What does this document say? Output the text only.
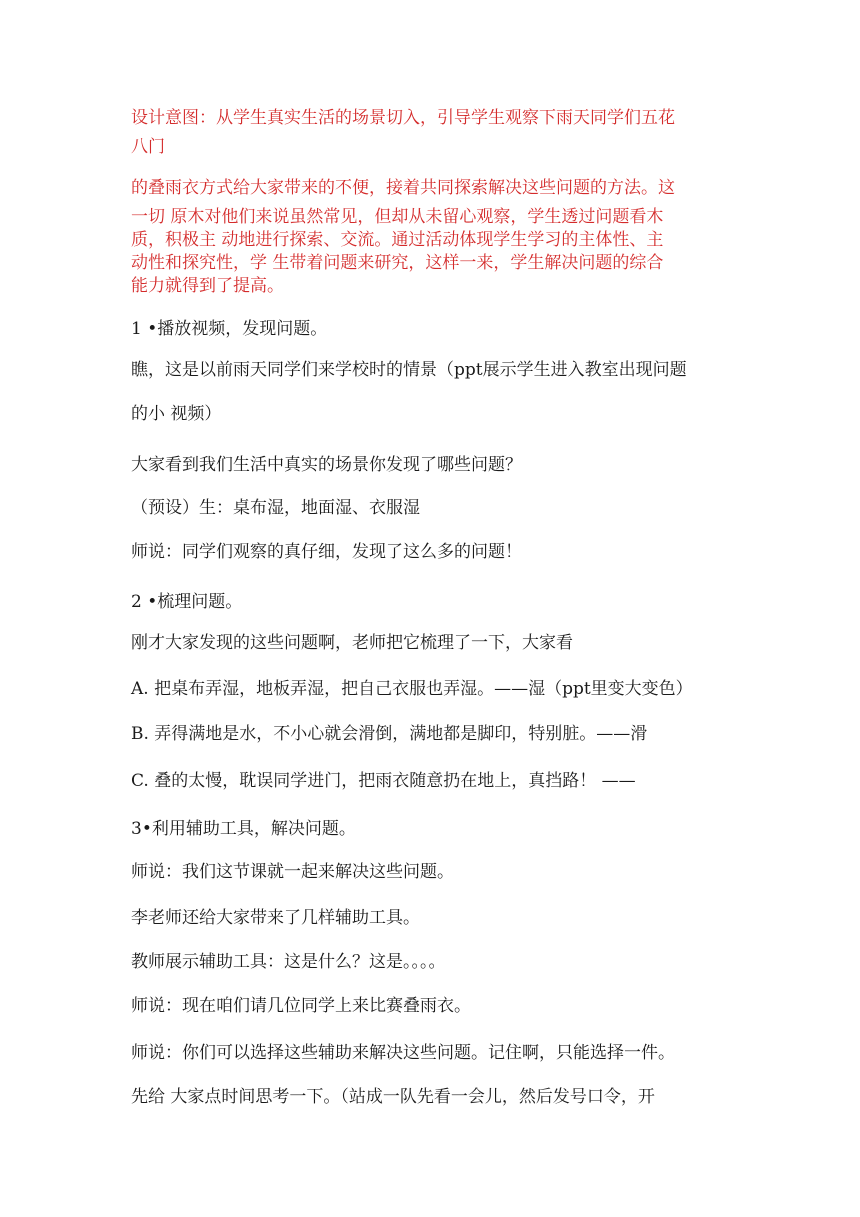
设计意图：从学生真实生活的场景切入，引导学生观察下雨天同学们五花
八门
的叠雨衣方式给大家带来的不便，接着共同探索解决这些问题的方法。这
一切 原木对他们来说虽然常见，但却从未留心观察，学生透过问题看木
质，积极主 动地进行探索、交流。通过活动体现学生学习的主体性、主
动性和探究性，学 生带着问题来研究，这样一来，学生解决问题的综合
能力就得到了提高。
1 •播放视频，发现问题。
瞧，这是以前雨天同学们来学校时的情景（ppt展示学生进入教室出现问题
的小 视频）
大家看到我们生活中真实的场景你发现了哪些问题？
（预设）生：桌布湿，地面湿、衣服湿
师说：同学们观察的真仔细，发现了这么多的问题！
2 •梳理问题。
刚才大家发现的这些问题啊，老师把它梳理了一下，大家看
A. 把桌布弄湿，地板弄湿，把自己衣服也弄湿。——湿（ppt里变大变色）
B. 弄得满地是水，不小心就会滑倒，满地都是脚印，特别脏。——滑
C. 叠的太慢，耽误同学进门，把雨衣随意扔在地上，真挡路！ ——
3•利用辅助工具，解决问题。
师说：我们这节课就一起来解决这些问题。
李老师还给大家带来了几样辅助工具。
教师展示辅助工具：这是什么？这是。。。。
师说：现在咱们请几位同学上来比赛叠雨衣。
师说：你们可以选择这些辅助来解决这些问题。记住啊，只能选择一件。
先给 大家点时间思考一下。（站成一队先看一会儿，然后发号口令，开
